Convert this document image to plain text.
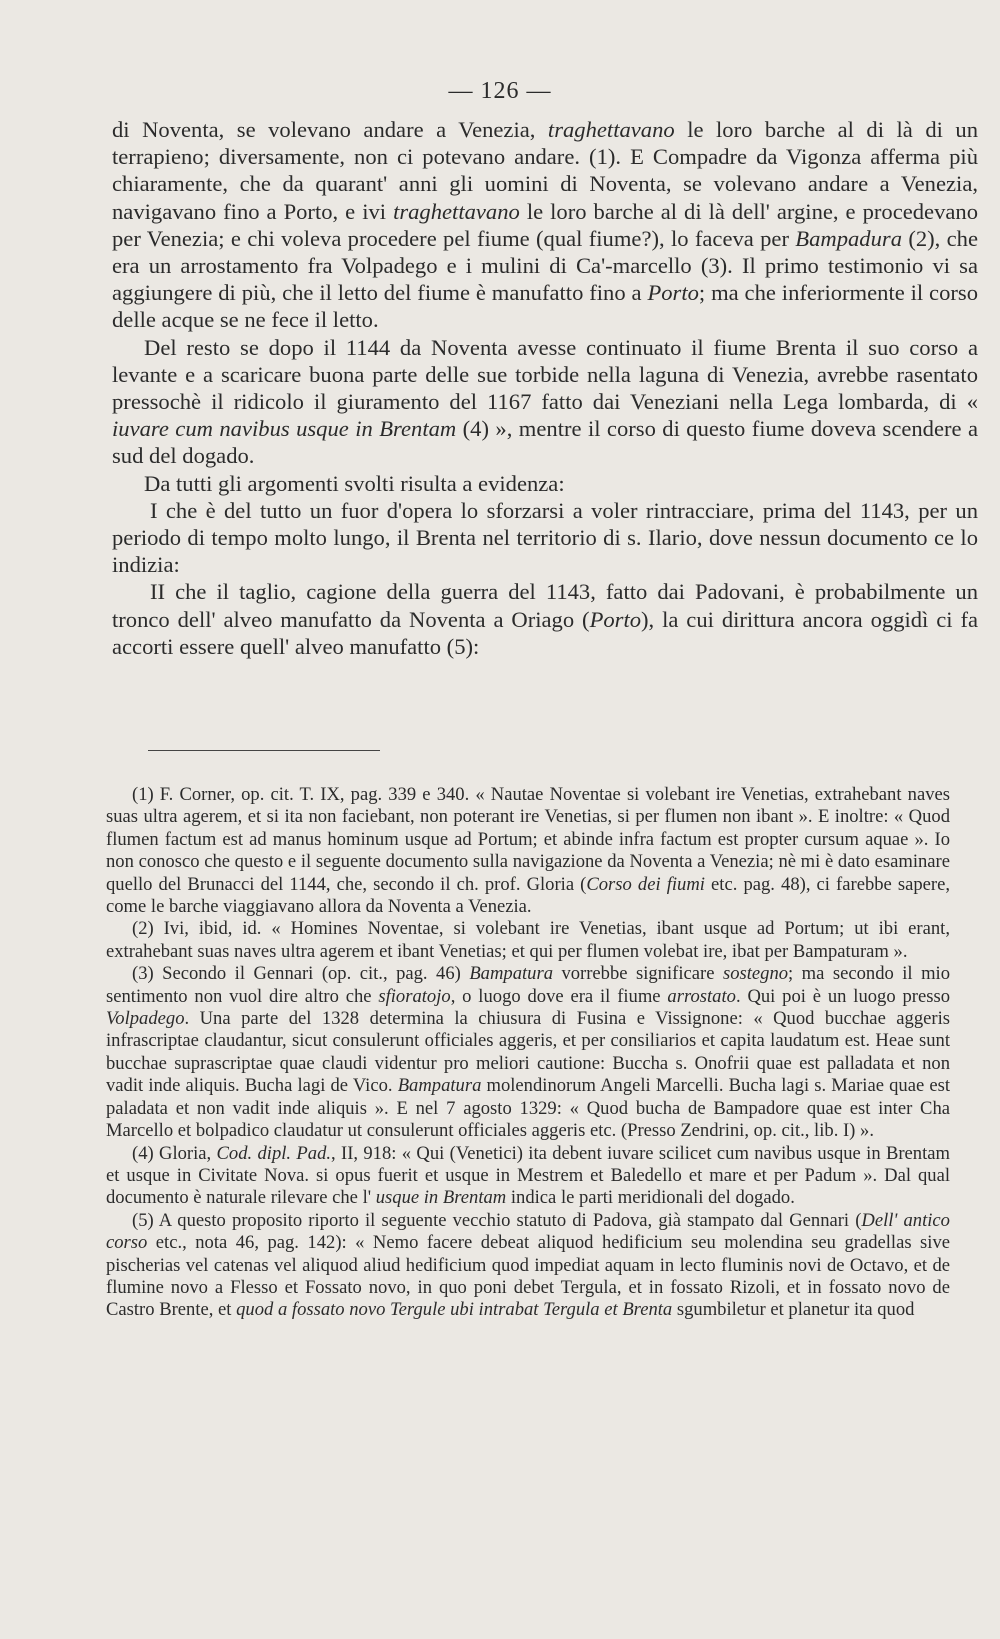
— 126 —

di Noventa, se volevano andare a Venezia, traghettavano le loro barche al di là di un terrapieno; diversamente, non ci potevano andare. (1). E Compadre da Vigonza afferma più chiaramente, che da quarant' anni gli uomini di Noventa, se volevano andare a Venezia, navigavano fino a Porto, e ivi traghettavano le loro barche al di là dell' argine, e procedevano per Venezia; e chi voleva procedere pel fiume (qual fiume?), lo faceva per Bampadura (2), che era un arrostamento fra Volpadego e i mulini di Ca'-marcello (3). Il primo testimonio vi sa aggiungere di più, che il letto del fiume è manufatto fino a Porto; ma che inferiormente il corso delle acque se ne fece il letto.

Del resto se dopo il 1144 da Noventa avesse continuato il fiume Brenta il suo corso a levante e a scaricare buona parte delle sue torbide nella laguna di Venezia, avrebbe rasentato pressochè il ridicolo il giuramento del 1167 fatto dai Veneziani nella Lega lombarda, di « iuvare cum navibus usque in Brentam (4) », mentre il corso di questo fiume doveva scendere a sud del dogado.

Da tutti gli argomenti svolti risulta a evidenza:

I che è del tutto un fuor d'opera lo sforzarsi a voler rintracciare, prima del 1143, per un periodo di tempo molto lungo, il Brenta nel territorio di s. Ilario, dove nessun documento ce lo indizia:

II che il taglio, cagione della guerra del 1143, fatto dai Padovani, è probabilmente un tronco dell' alveo manufatto da Noventa a Oriago (Porto), la cui dirittura ancora oggidì ci fa accorti essere quell' alveo manufatto (5):

(1) F. Corner, op. cit. T. IX, pag. 339 e 340. « Nautae Noventae si volebant ire Venetias, extrahebant naves suas ultra agerem, et si ita non faciebant, non poterant ire Venetias, si per flumen non ibant ». E inoltre: « Quod flumen factum est ad manus hominum usque ad Portum; et abinde infra factum est propter cursum aquae ». Io non conosco che questo e il seguente documento sulla navigazione da Noventa a Venezia; nè mi è dato esaminare quello del Brunacci del 1144, che, secondo il ch. prof. Gloria (Corso dei fiumi etc. pag. 48), ci farebbe sapere, come le barche viaggiavano allora da Noventa a Venezia.

(2) Ivi, ibid, id. « Homines Noventae, si volebant ire Venetias, ibant usque ad Portum; ut ibi erant, extrahebant suas naves ultra agerem et ibant Venetias; et qui per flumen volebat ire, ibat per Bampaturam ».

(3) Secondo il Gennari (op. cit., pag. 46) Bampatura vorrebbe significare sostegno; ma secondo il mio sentimento non vuol dire altro che sfioratojo, o luogo dove era il fiume arrostato. Qui poi è un luogo presso Volpadego. Una parte del 1328 determina la chiusura di Fusina e Vissignone: « Quod bucchae aggeris infrascriptae claudantur, sicut consulerunt officiales aggeris, et per consiliarios et capita laudatum est. Heae sunt bucchae suprascriptae quae claudi videntur pro meliori cautione: Buccha s. Onofrii quae est palladata et non vadit inde aliquis. Bucha lagi de Vico. Bampatura molendinorum Angeli Marcelli. Bucha lagi s. Mariae quae est paladata et non vadit inde aliquis ». E nel 7 agosto 1329: « Quod bucha de Bampadore quae est inter Cha Marcello et bolpadico claudatur ut consulerunt officiales aggeris etc. (Presso Zendrini, op. cit., lib. I) ».

(4) Gloria, Cod. dipl. Pad., II, 918: « Qui (Venetici) ita debent iuvare scilicet cum navibus usque in Brentam et usque in Civitate Nova. si opus fuerit et usque in Mestrem et Baledello et mare et per Padum ». Dal qual documento è naturale rilevare che l' usque in Brentam indica le parti meridionali del dogado.

(5) A questo proposito riporto il seguente vecchio statuto di Padova, già stampato dal Gennari (Dell' antico corso etc., nota 46, pag. 142): « Nemo facere debeat aliquod hedificium seu molendina seu gradellas sive pischerias vel catenas vel aliquod aliud hedificium quod impediat aquam in lecto fluminis novi de Octavo, et de flumine novo a Flesso et Fossato novo, in quo poni debet Tergula, et in fossato Rizoli, et in fossato novo de Castro Brente, et quod a fossato novo Tergule ubi intrabat Tergula et Brenta sgumbiletur et planetur ita quod
